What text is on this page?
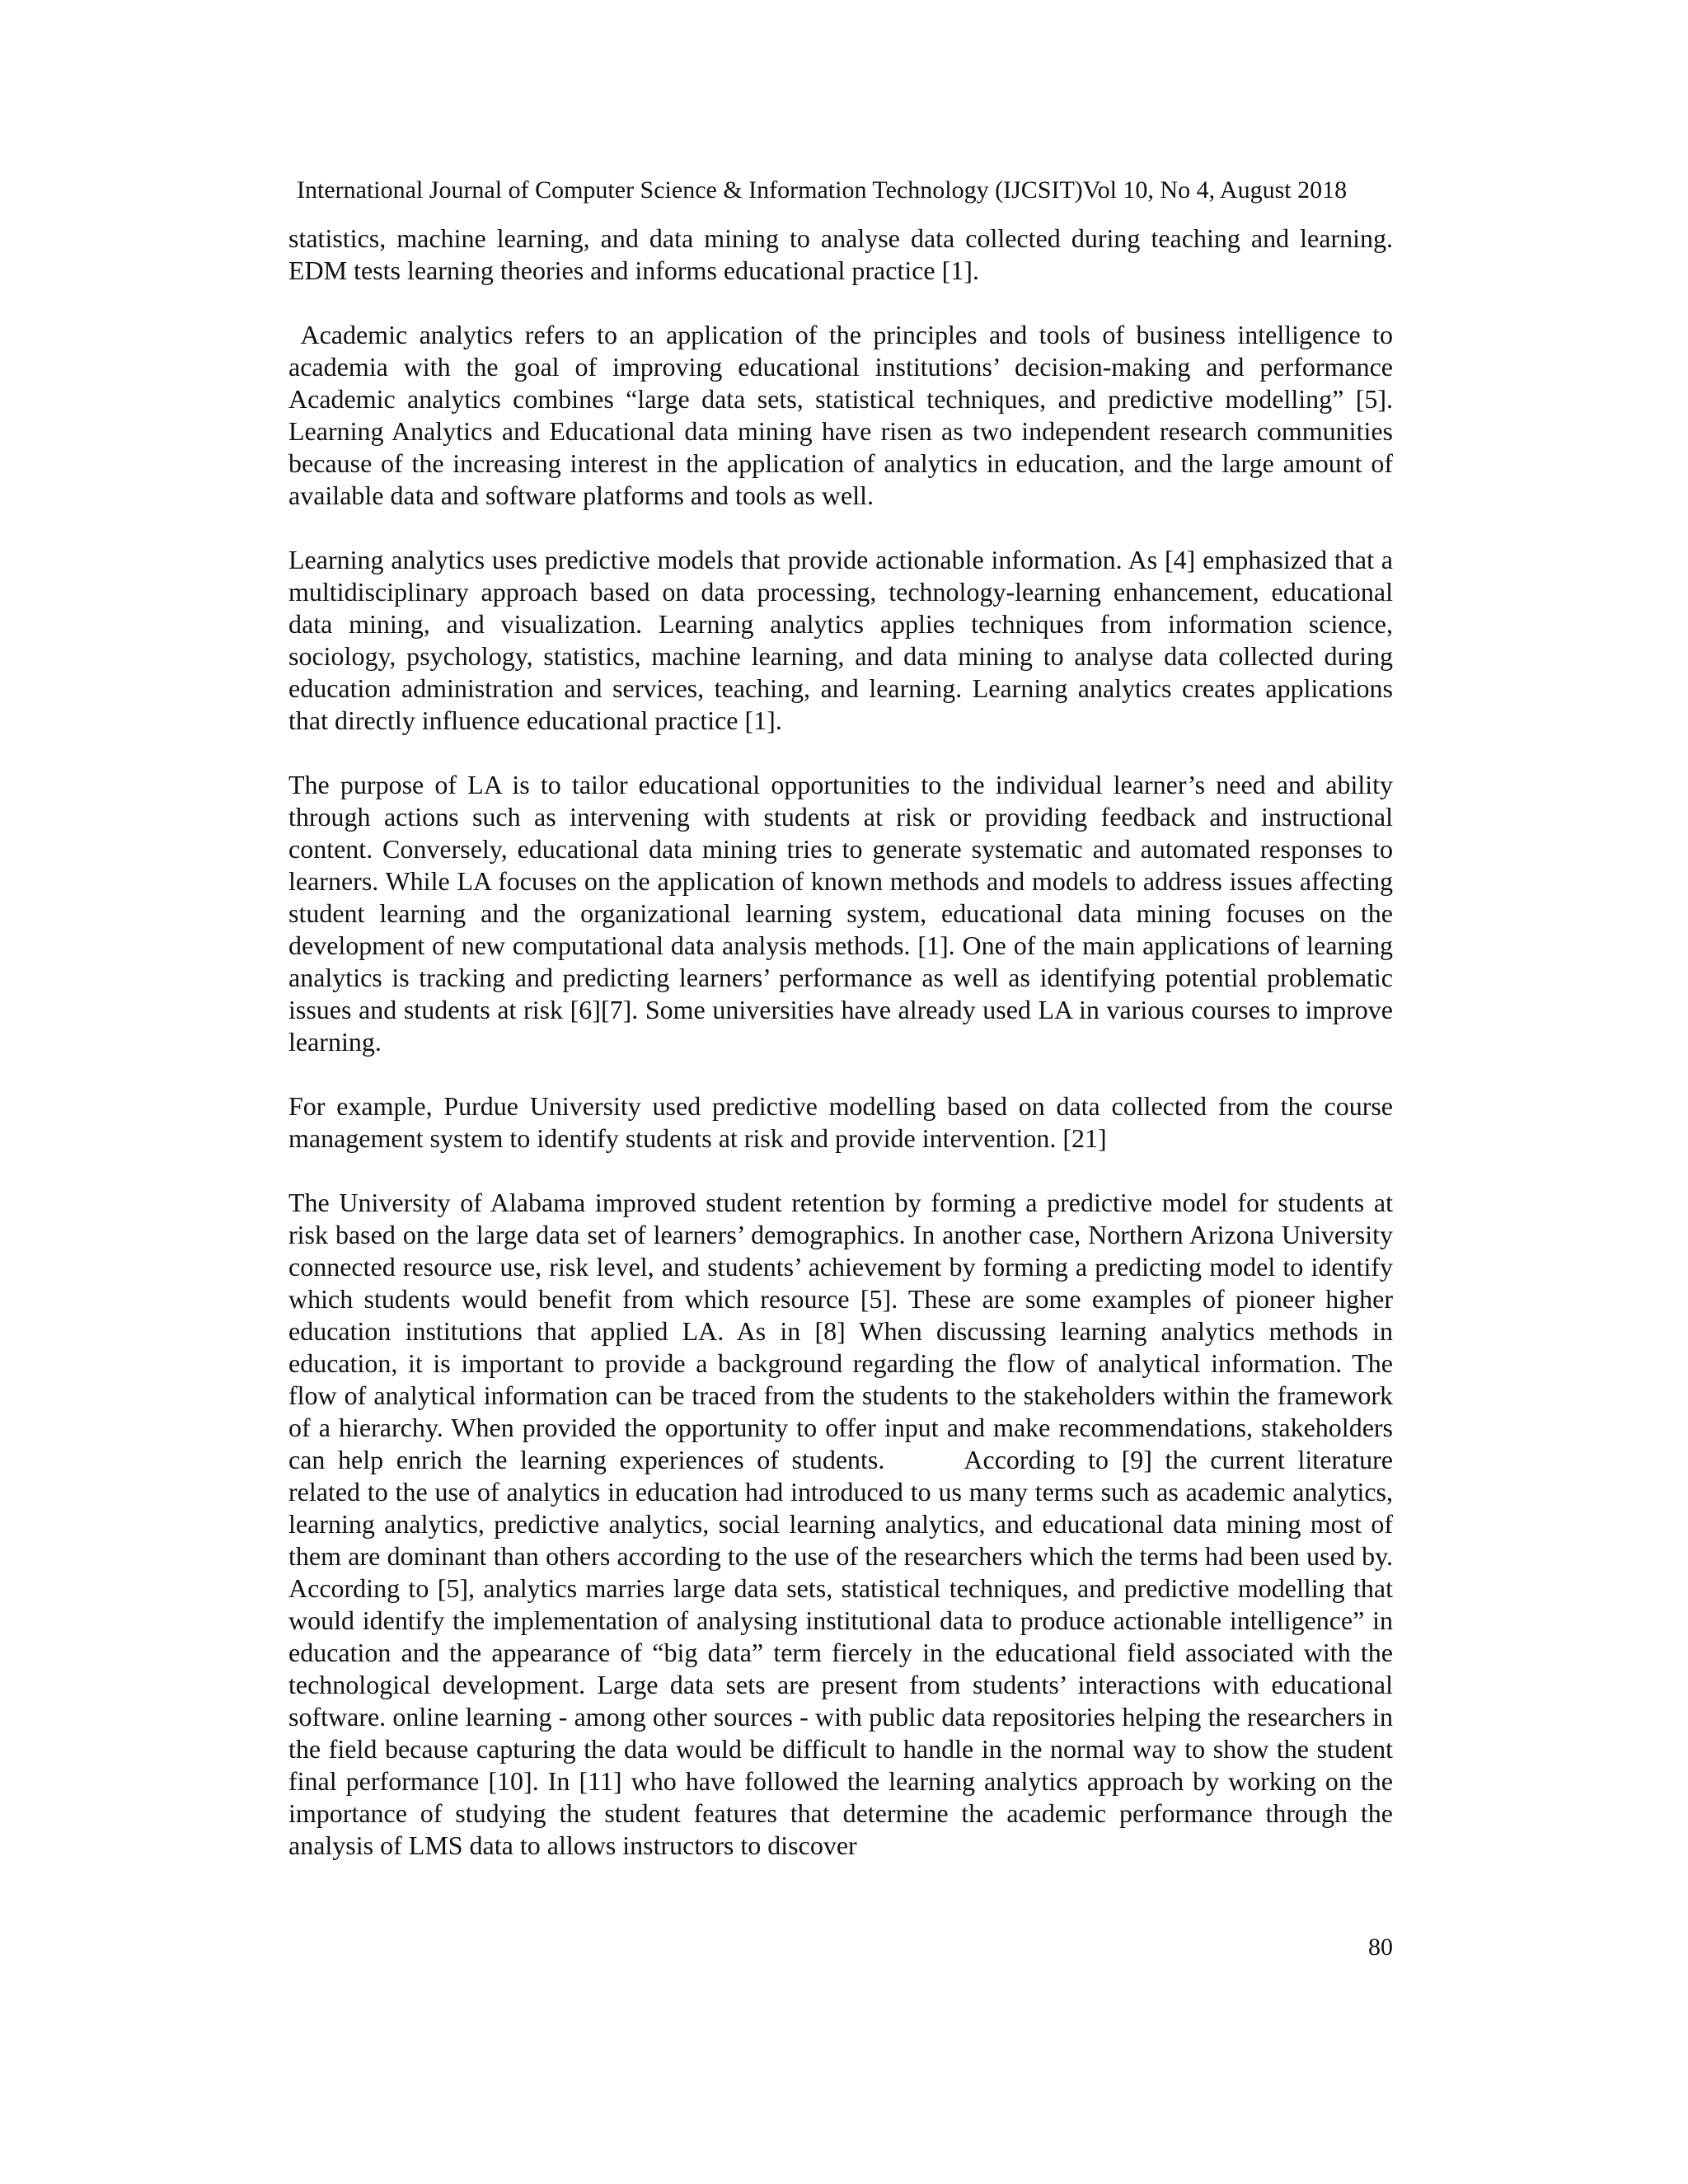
International Journal of Computer Science & Information Technology (IJCSIT)Vol 10, No 4, August 2018

statistics, machine learning, and data mining to analyse data collected during teaching and learning. EDM tests learning theories and informs educational practice [1].

Academic analytics refers to an application of the principles and tools of business intelligence to academia with the goal of improving educational institutions’ decision-making and performance Academic analytics combines “large data sets, statistical techniques, and predictive modelling” [5]. Learning Analytics and Educational data mining have risen as two independent research communities because of the increasing interest in the application of analytics in education, and the large amount of available data and software platforms and tools as well.

Learning analytics uses predictive models that provide actionable information. As [4] emphasized that a multidisciplinary approach based on data processing, technology-learning enhancement, educational data mining, and visualization. Learning analytics applies techniques from information science, sociology, psychology, statistics, machine learning, and data mining to analyse data collected during education administration and services, teaching, and learning. Learning analytics creates applications that directly influence educational practice [1].

The purpose of LA is to tailor educational opportunities to the individual learner’s need and ability through actions such as intervening with students at risk or providing feedback and instructional content. Conversely, educational data mining tries to generate systematic and automated responses to learners. While LA focuses on the application of known methods and models to address issues affecting student learning and the organizational learning system, educational data mining focuses on the development of new computational data analysis methods. [1]. One of the main applications of learning analytics is tracking and predicting learners’ performance as well as identifying potential problematic issues and students at risk [6][7]. Some universities have already used LA in various courses to improve learning.

For example, Purdue University used predictive modelling based on data collected from the course management system to identify students at risk and provide intervention. [21]

The University of Alabama improved student retention by forming a predictive model for students at risk based on the large data set of learners’ demographics. In another case, Northern Arizona University connected resource use, risk level, and students’ achievement by forming a predicting model to identify which students would benefit from which resource [5]. These are some examples of pioneer higher education institutions that applied LA. As in [8] When discussing learning analytics methods in education, it is important to provide a background regarding the flow of analytical information. The flow of analytical information can be traced from the students to the stakeholders within the framework of a hierarchy. When provided the opportunity to offer input and make recommendations, stakeholders can help enrich the learning experiences of students.   According to [9] the current literature related to the use of analytics in education had introduced to us many terms such as academic analytics, learning analytics, predictive analytics, social learning analytics, and educational data mining most of them are dominant than others according to the use of the researchers which the terms had been used by. According to [5], analytics marries large data sets, statistical techniques, and predictive modelling that would identify the implementation of analysing institutional data to produce actionable intelligence” in education and the appearance of “big data” term fiercely in the educational field associated with the technological development. Large data sets are present from students’ interactions with educational software. online learning - among other sources - with public data repositories helping the researchers in the field because capturing the data would be difficult to handle in the normal way to show the student final performance [10]. In [11] who have followed the learning analytics approach by working on the importance of studying the student features that determine the academic performance through the analysis of LMS data to allows instructors to discover

80
